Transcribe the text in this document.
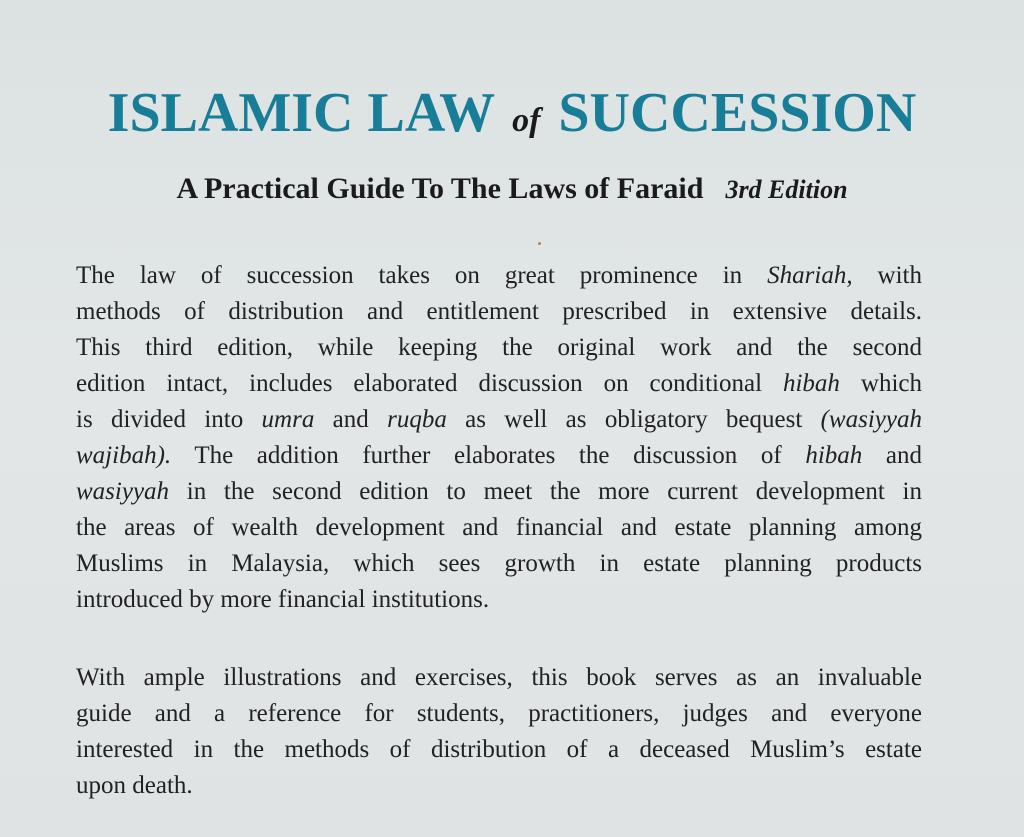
ISLAMIC LAW of SUCCESSION
A Practical Guide To The Laws of Faraid 3rd Edition
The law of succession takes on great prominence in Shariah, with
methods of distribution and entitlement prescribed in extensive details.
This third edition, while keeping the original work and the second
edition intact, includes elaborated discussion on conditional hibah which
is divided into umra and ruqba as well as obligatory bequest (wasiyyah
wajibah). The addition further elaborates the discussion of hibah and
wasiyyah in the second edition to meet the more current development in
the areas of wealth development and financial and estate planning among
Muslims in Malaysia, which sees growth in estate planning products
introduced by more financial institutions.
With ample illustrations and exercises, this book serves as an invaluable
guide and a reference for students, practitioners, judges and everyone
interested in the methods of distribution of a deceased Muslim’s estate
upon death.
